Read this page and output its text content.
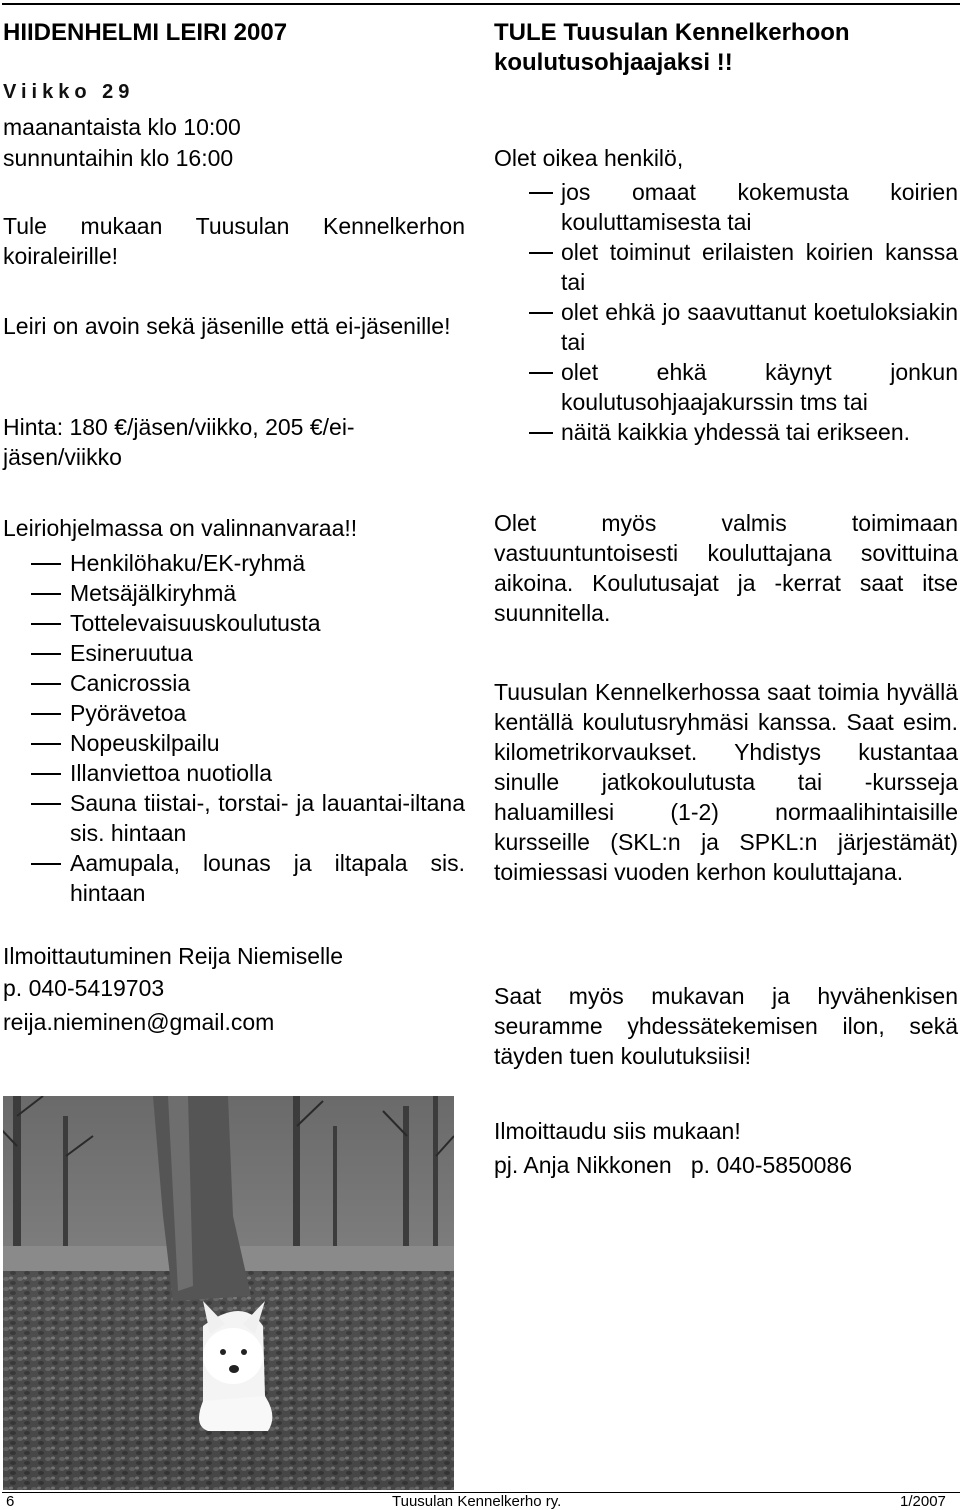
HIIDENHELMI LEIRI 2007
Viikko 29
maanantaista klo 10:00
sunnuntaihin klo 16:00
Tule mukaan Tuusulan Kennelkerhon koiraleirille!
Leiri on avoin sekä jäsenille että ei-jäsenille!
Hinta: 180 €/jäsen/viikko, 205 €/ei-jäsen/viikko
Leiriohjelmassa on valinnanvaraa!!
Henkilöhaku/EK-ryhmä
Metsäjälkiryhmä
Tottelevaisuuskoulutusta
Esineruutua
Canicrossia
Pyörävetoa
Nopeuskilpailu
Illanviettoa nuotiolla
Sauna tiistai-, torstai- ja lauantai-iltana sis. hintaan
Aamupala, lounas ja iltapala sis. hintaan
Ilmoittautuminen Reija Niemiselle
p. 040-5419703
reija.nieminen@gmail.com
TULE Tuusulan Kennelkerhoon koulutusohjaajaksi !!
Olet oikea henkilö,
jos omaat kokemusta koirien kouluttamisesta tai
olet toiminut erilaisten koirien kanssa tai
olet ehkä jo saavuttanut koetuloksiakin tai
olet ehkä käynyt jonkun koulutusohjaajakurssin tms tai
näitä kaikkia yhdessä tai erikseen.
Olet myös valmis toimimaan vastuuntuntoisesti kouluttajana sovittuina aikoina. Koulutusajat ja -kerrat saat itse suunnitella.
Tuusulan Kennelkerhossa saat toimia hyvällä kentällä koulutusryhmäsi kanssa. Saat esim. kilometrikorvaukset. Yhdistys kustantaa sinulle jatkokoulutusta tai -kursseja haluamillesi (1-2) normaalihintaisille kursseille (SKL:n ja SPKL:n järjestämät) toimiessasi vuoden kerhon kouluttajana.
Saat myös mukavan ja hyvähenkisen seuramme yhdessätekemisen ilon, sekä täyden tuen koulutuksiisi!
Ilmoittaudu siis mukaan!
pj. Anja Nikkonen   p. 040-5850086
6	Tuusulan Kennelkerho ry.	1/2007
